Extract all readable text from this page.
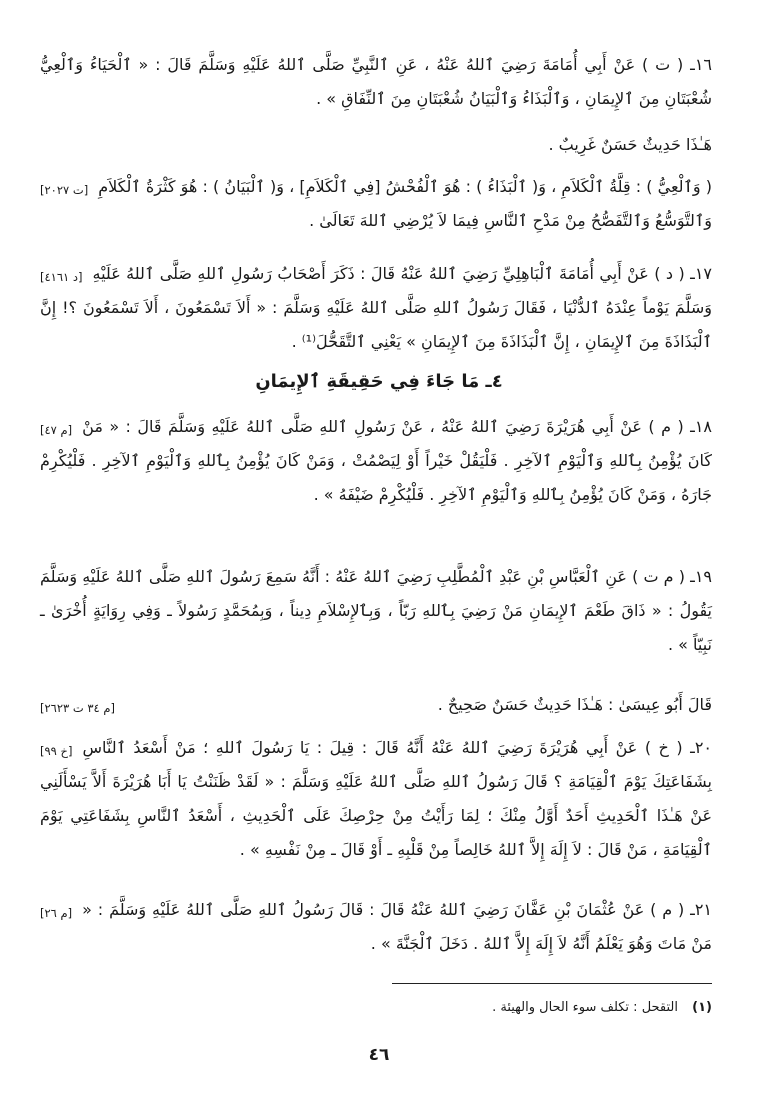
١٦ـ ( ت ) عَنْ أَبِي أُمَامَةَ رَضِيَ ٱللهُ عَنْهُ ، عَنِ ٱلنَّبِيِّ صَلَّى ٱللهُ عَلَيْهِ وَسَلَّمَ قَالَ : « ٱلْحَيَاءُ وَٱلْعِيُّ شُعْبَتَانِ مِنَ ٱلإِيمَانِ ، وَٱلْبَذَاءُ وَٱلْبَيَانُ شُعْبَتَانِ مِنَ ٱلنِّفَاقِ » .

هَـٰذَا حَدِيثٌ حَسَنٌ غَرِيبٌ .

[ت ٢٠٢٧] ( وَٱلْعِيُّ ) : قِلَّةُ ٱلْكَلاَمِ ، وَ( ٱلْبَذَاءُ ) : هُوَ ٱلْفُحْشُ [فِي ٱلْكَلاَمِ] ، وَ( ٱلْبَيَانُ ) : هُوَ كَثْرَةُ ٱلْكَلاَمِ وَٱلتَّوَسُّعُ وَٱلتَّفَصُّحُ مِنْ مَدْحِ ٱلنَّاسِ فِيمَا لاَ يُرْضِي ٱللهَ تَعَالَىٰ .

[د ٤١٦١] ١٧ـ ( د ) عَنْ أَبِي أُمَامَةَ ٱلْبَاهِلِيِّ رَضِيَ ٱللهُ عَنْهُ قَالَ : ذَكَرَ أَصْحَابُ رَسُولِ ٱللهِ صَلَّى ٱللهُ عَلَيْهِ وَسَلَّمَ يَوْماً عِنْدَهُ ٱلدُّنْيَا ، فَقَالَ رَسُولُ ٱللهِ صَلَّى ٱللهُ عَلَيْهِ وَسَلَّمَ : « أَلاَ تَسْمَعُونَ ، أَلاَ تَسْمَعُونَ ؟! إِنَّ ٱلْبَذَاذَةَ مِنَ ٱلإِيمَانِ ، إِنَّ ٱلْبَذَاذَةَ مِنَ ٱلإِيمَانِ » يَعْنِي ٱلتَّقَحُّلَ⁽¹⁾ .

٤ـ مَا جَاءَ فِي حَقِيقَةِ ٱلإِيمَانِ

[م ٤٧] ١٨ـ ( م ) عَنْ أَبِي هُرَيْرَةَ رَضِيَ ٱللهُ عَنْهُ ، عَنْ رَسُولِ ٱللهِ صَلَّى ٱللهُ عَلَيْهِ وَسَلَّمَ قَالَ : « مَنْ كَانَ يُؤْمِنُ بِٱللهِ وَٱلْيَوْمِ ٱلآخِرِ . فَلْيَقُلْ خَيْراً أَوْ لِيَصْمُتْ ، وَمَنْ كَانَ يُؤْمِنُ بِٱللهِ وَٱلْيَوْمِ ٱلآخِرِ . فَلْيُكْرِمْ جَارَهُ ، وَمَنْ كَانَ يُؤْمِنُ بِٱللهِ وَٱلْيَوْمِ ٱلآخِرِ . فَلْيُكْرِمْ ضَيْفَهُ » .

١٩ـ ( م ت ) عَنِ ٱلْعَبَّاسِ بْنِ عَبْدِ ٱلْمُطَّلِبِ رَضِيَ ٱللهُ عَنْهُ : أَنَّهُ سَمِعَ رَسُولَ ٱللهِ صَلَّى ٱللهُ عَلَيْهِ وَسَلَّمَ يَقُولُ : « ذَاقَ طَعْمَ ٱلإِيمَانِ مَنْ رَضِيَ بِٱللهِ رَبّاً ، وَبِٱلإِسْلاَمِ دِيناً ، وَبِمُحَمَّدٍ رَسُولاً ـ وَفِي رِوَايَةٍ أُخْرَىٰ ـ نَبِيّاً » .

[م ٣٤ ت ٢٦٢٣]	قَالَ أَبُو عِيسَىٰ : هَـٰذَا حَدِيثٌ حَسَنٌ صَحِيحٌ .

[خ ٩٩] ٢٠ـ ( خ ) عَنْ أَبِي هُرَيْرَةَ رَضِيَ ٱللهُ عَنْهُ أَنَّهُ قَالَ : قِيلَ : يَا رَسُولَ ٱللهِ ؛ مَنْ أَسْعَدُ ٱلنَّاسِ بِشَفَاعَتِكَ يَوْمَ ٱلْقِيَامَةِ ؟ قَالَ رَسُولُ ٱللهِ صَلَّى ٱللهُ عَلَيْهِ وَسَلَّمَ : « لَقَدْ ظَنَنْتُ يَا أَبَا هُرَيْرَةَ أَلاَّ يَسْأَلَنِي عَنْ هَـٰذَا ٱلْحَدِيثِ أَحَدٌ أَوَّلُ مِنْكَ ؛ لِمَا رَأَيْتُ مِنْ حِرْصِكَ عَلَى ٱلْحَدِيثِ ، أَسْعَدُ ٱلنَّاسِ بِشَفَاعَتِي يَوْمَ ٱلْقِيَامَةِ ، مَنْ قَالَ : لاَ إِلَهَ إِلاَّ ٱللهُ خَالِصاً مِنْ قَلْبِهِ ـ أَوْ قَالَ ـ مِنْ نَفْسِهِ » .

[م ٢٦] ٢١ـ ( م ) عَنْ عُثْمَانَ بْنِ عَفَّانَ رَضِيَ ٱللهُ عَنْهُ قَالَ : قَالَ رَسُولُ ٱللهِ صَلَّى ٱللهُ عَلَيْهِ وَسَلَّمَ : « مَنْ مَاتَ وَهُوَ يَعْلَمُ أَنَّهُ لاَ إِلَهَ إِلاَّ ٱللهُ . دَخَلَ ٱلْجَنَّةَ » .

(١) التقحل : تكلف سوء الحال والهيئة .

٤٦
